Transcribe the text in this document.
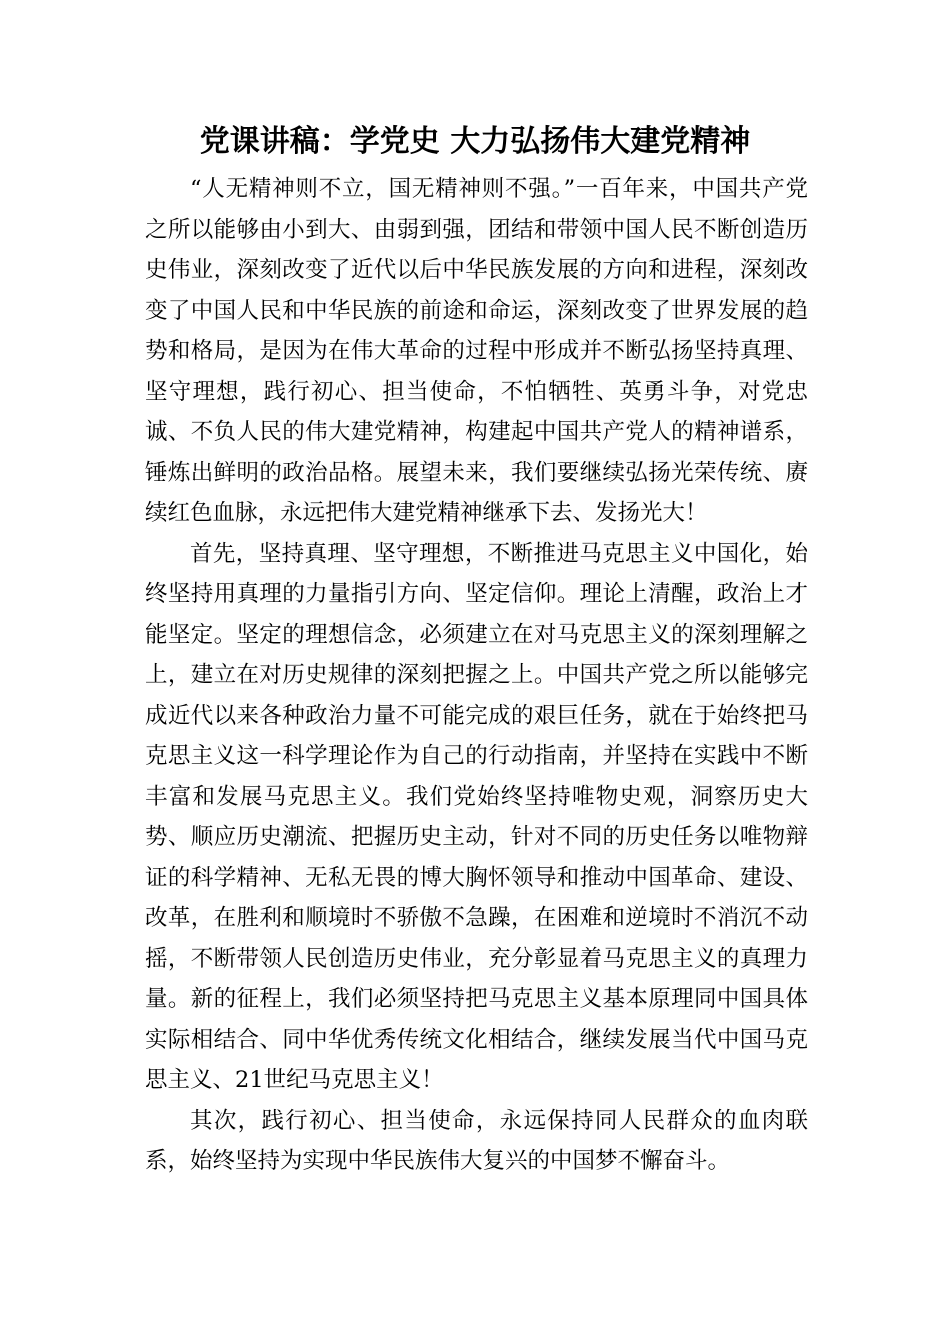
党课讲稿：学党史 大力弘扬伟大建党精神

“人无精神则不立，国无精神则不强。”一百年来，中国共产党之所以能够由小到大、由弱到强，团结和带领中国人民不断创造历史伟业，深刻改变了近代以后中华民族发展的方向和进程，深刻改变了中国人民和中华民族的前途和命运，深刻改变了世界发展的趋势和格局，是因为在伟大革命的过程中形成并不断弘扬坚持真理、坚守理想，践行初心、担当使命，不怕牺牲、英勇斗争，对党忠诚、不负人民的伟大建党精神，构建起中国共产党人的精神谱系，锤炼出鲜明的政治品格。展望未来，我们要继续弘扬光荣传统、赓续红色血脉，永远把伟大建党精神继承下去、发扬光大！

首先，坚持真理、坚守理想，不断推进马克思主义中国化，始终坚持用真理的力量指引方向、坚定信仰。理论上清醒，政治上才能坚定。坚定的理想信念，必须建立在对马克思主义的深刻理解之上，建立在对历史规律的深刻把握之上。中国共产党之所以能够完成近代以来各种政治力量不可能完成的艰巨任务，就在于始终把马克思主义这一科学理论作为自己的行动指南，并坚持在实践中不断丰富和发展马克思主义。我们党始终坚持唯物史观，洞察历史大势、顺应历史潮流、把握历史主动，针对不同的历史任务以唯物辩证的科学精神、无私无畏的博大胸怀领导和推动中国革命、建设、改革，在胜利和顺境时不骄傲不急躁，在困难和逆境时不消沉不动摇，不断带领人民创造历史伟业，充分彰显着马克思主义的真理力量。新的征程上，我们必须坚持把马克思主义基本原理同中国具体实际相结合、同中华优秀传统文化相结合，继续发展当代中国马克思主义、21世纪马克思主义！

其次，践行初心、担当使命，永远保持同人民群众的血肉联系，始终坚持为实现中华民族伟大复兴的中国梦不懈奋斗。
